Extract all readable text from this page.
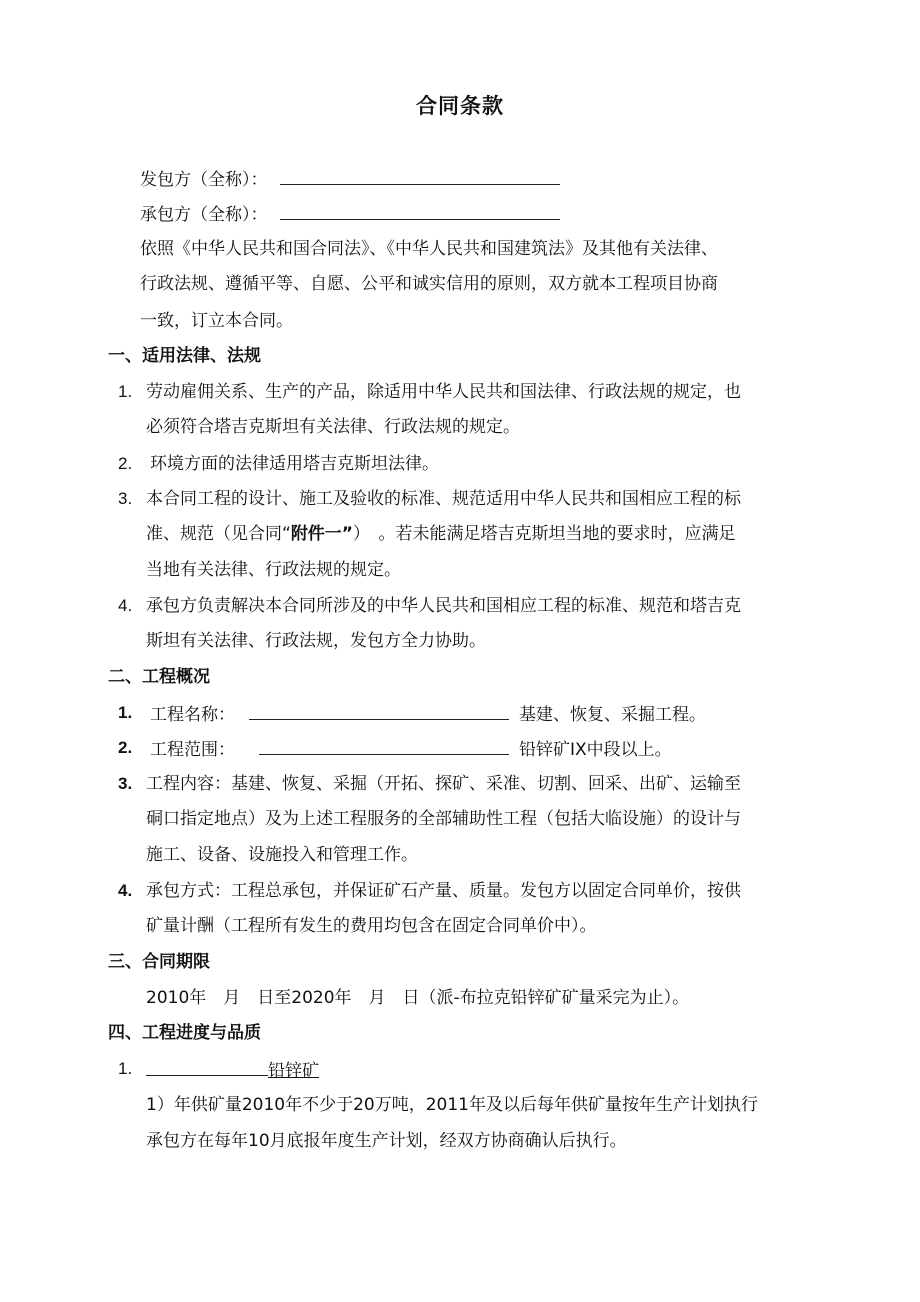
合同条款
发包方（全称）：
承包方（全称）：
依照《中华人民共和国合同法》、《中华人民共和国建筑法》及其他有关法律、
行政法规、遵循平等、自愿、公平和诚实信用的原则，双方就本工程项目协商
一致，订立本合同。
一、适用法律、法规
1. 劳动雇佣关系、生产的产品，除适用中华人民共和国法律、行政法规的规定，也
必须符合塔吉克斯坦有关法律、行政法规的规定。
2. 环境方面的法律适用塔吉克斯坦法律。
3. 本合同工程的设计、施工及验收的标准、规范适用中华人民共和国相应工程的标
准、规范（见合同“附件一”）　。若未能满足塔吉克斯坦当地的要求时，应满足
当地有关法律、行政法规的规定。
4. 承包方负责解决本合同所涉及的中华人民共和国相应工程的标准、规范和塔吉克
斯坦有关法律、行政法规，发包方全力协助。
二、工程概况
1. 工程名称：	基建、恢复、采掘工程。
2. 工程范围：	铅锌矿IX中段以上。
3. 工程内容：基建、恢复、采掘（开拓、探矿、采准、切割、回采、出矿、运输至
硐口指定地点）及为上述工程服务的全部辅助性工程（包括大临设施）的设计与
施工、设备、设施投入和管理工作。
4. 承包方式：工程总承包，并保证矿石产量、质量。发包方以固定合同单价，按供
矿量计酬（工程所有发生的费用均包含在固定合同单价中）。
三、合同期限
2010年　月　日至2020年　月　日（派-布拉克铅锌矿矿量采完为止）。
四、工程进度与品质
1.	铅锌矿
1）年供矿量2010年不少于20万吨，2011年及以后每年供矿量按年生产计划执行
承包方在每年10月底报年度生产计划，经双方协商确认后执行。
